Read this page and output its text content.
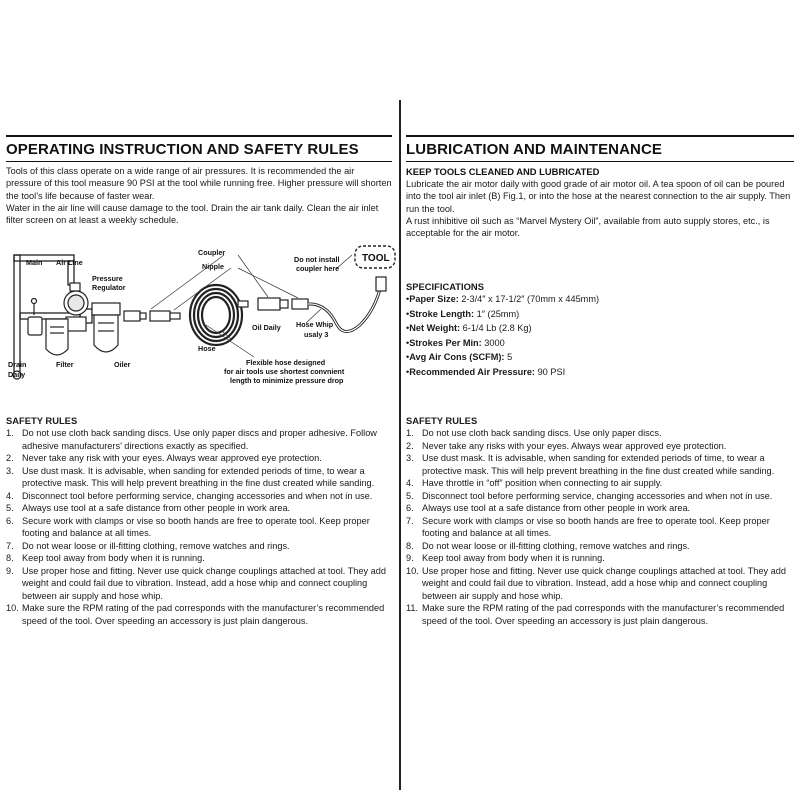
OPERATING INSTRUCTION AND SAFETY RULES

Tools of this class operate on a wide range of air pressures. It is recommended the air pressure of this tool measure 90 PSI at the tool while running free. Higher pressure will shorten the tool’s life because of faster wear.

Water in the air line will cause damage to the tool. Drain the air tank daily. Clean the air inlet filter screen on at least a weekly schedule.

Main Air Line
Pressure
Regulator
Drain
Daily
Filter	Oiler
Coupler
Nipple
Hose
Oil Daily Hose Whip
usaly 3
Do not install
coupler here
TOOL
Flexible hose designed
for air tools use shortest convnient
length to minimize pressure drop
LUBRICATION AND MAINTENANCE
KEEP TOOLS CLEANED AND LUBRICATED

Lubricate the air motor daily with good grade of air motor oil. A tea spoon of oil can be poured into the tool air inlet (B) Fig.1, or into the hose at the nearest connection to the air supply. Then run the tool.

A rust inhibitive oil such as “Marvel Mystery Oil”, available from auto supply stores, etc., is acceptable for the air motor.

SPECIFICATIONS
•Paper Size: 2-3/4″ x 17-1/2″ (70mm x 445mm)
•Stroke Length: 1″ (25mm)
•Net Weight: 6-1/4 Lb (2.8 Kg)
•Strokes Per Min: 3000
•Avg Air Cons (SCFM): 5
•Recommended Air Pressure: 90 PSI
SAFETY RULES
1. Do not use cloth back sanding discs. Use only paper discs and proper adhesive. Follow adhesive manufacturers’ directions exactly as specified.
2. Never take any risk with your eyes. Always wear approved eye protection.
3. Use dust mask. It is advisable, when sanding for extended periods of time, to wear a protective mask. This will help prevent breathing in the fine dust created while sanding.
4. Disconnect tool before performing service, changing accessories and when not in use.
5. Always use tool at a safe distance from other people in work area.
6. Secure work with clamps or vise so booth hands are free to operate tool. Keep proper footing and balance at all times.
7. Do not wear loose or ill-fitting clothing, remove watches and rings.
8. Keep tool away from body when it is running.
9. Use proper hose and fitting. Never use quick change couplings attached at tool. They add weight and could fail due to vibration. Instead, add a hose whip and connect coupling between air supply and hose whip.
10. Make sure the RPM rating of the pad corresponds with the manufacturer’s recommended speed of the tool. Over speeding an accessory is just plain dangerous.
SAFETY RULES
1. Do not use cloth back sanding discs. Use only paper discs.
2. Never take any risks with your eyes. Always wear approved eye protection.
3. Use dust mask. It is advisable, when sanding for extended periods of time, to wear a protective mask. This will help prevent breathing in the fine dust created while sanding.
4. Have throttle in “off” position when connecting to air supply.
5. Disconnect tool before performing service, changing accessories and when not in use.
6. Always use tool at a safe distance from other people in work area.
7. Secure work with clamps or vise so booth hands are free to operate tool. Keep proper footing and balance at all times.
8. Do not wear loose or ill-fitting clothing, remove watches and rings.
9. Keep tool away from body when it is running.
10. Use proper hose and fitting. Never use quick change couplings attached at tool. They add weight and could fail due to vibration. Instead, add a hose whip and connect coupling between air supply and hose whip.
11. Make sure the RPM rating of the pad corresponds with the manufacturer’s recommended speed of the tool. Over speeding an accessory is just plain dangerous.
